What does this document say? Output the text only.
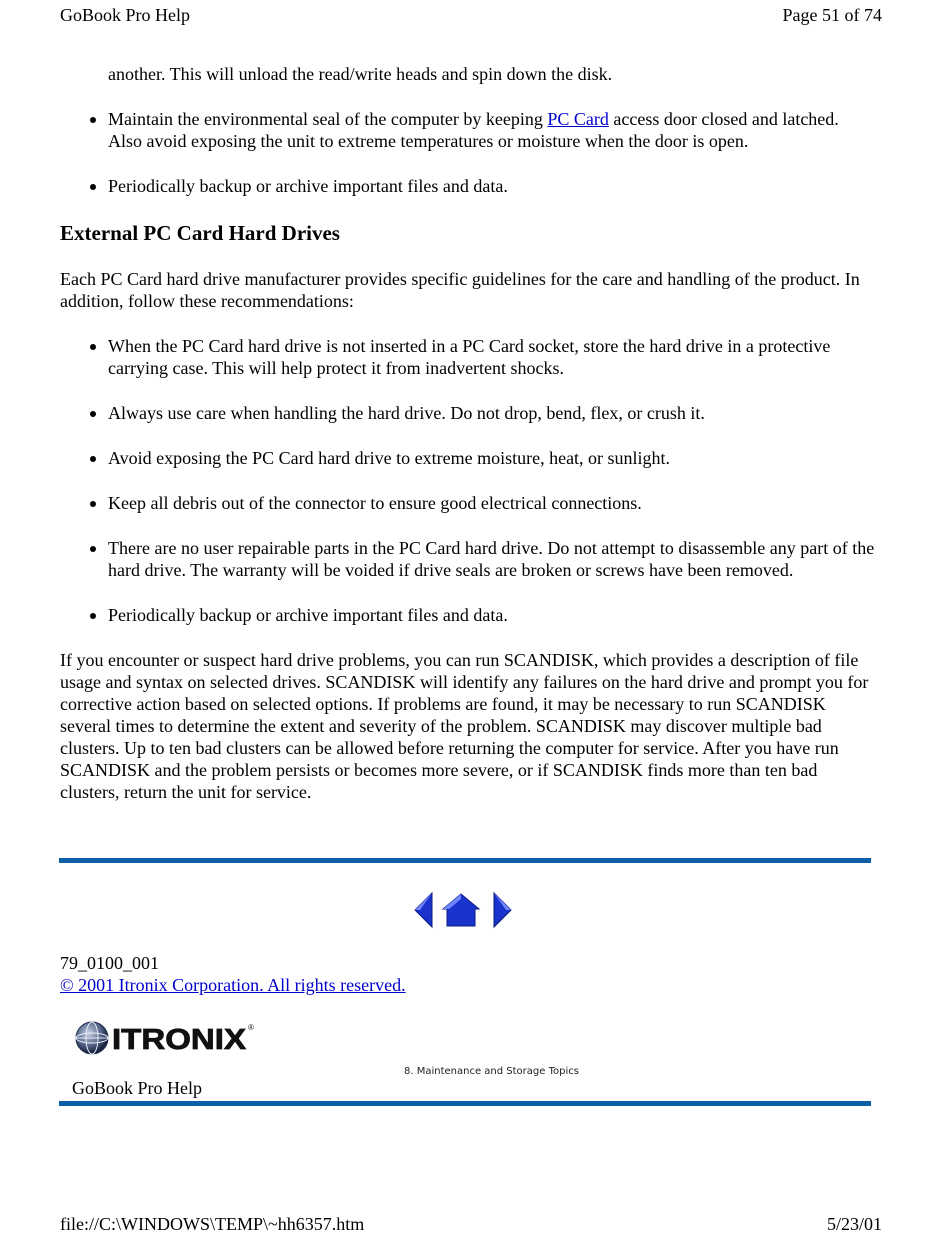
GoBook Pro Help	Page 51 of 74

another. This will unload the read/write heads and spin down the disk.

Maintain the environmental seal of the computer by keeping PC Card access door closed and latched. Also avoid exposing the unit to extreme temperatures or moisture when the door is open.
Periodically backup or archive important files and data.
External PC Card Hard Drives

Each PC Card hard drive manufacturer provides specific guidelines for the care and handling of the product. In addition, follow these recommendations:

When the PC Card hard drive is not inserted in a PC Card socket, store the hard drive in a protective carrying case. This will help protect it from inadvertent shocks.
Always use care when handling the hard drive. Do not drop, bend, flex, or crush it.
Avoid exposing the PC Card hard drive to extreme moisture, heat, or sunlight.
Keep all debris out of the connector to ensure good electrical connections.
There are no user repairable parts in the PC Card hard drive. Do not attempt to disassemble any part of the hard drive. The warranty will be voided if drive seals are broken or screws have been removed.
Periodically backup or archive important files and data.

If you encounter or suspect hard drive problems, you can run SCANDISK, which provides a description of file usage and syntax on selected drives. SCANDISK will identify any failures on the hard drive and prompt you for corrective action based on selected options. If problems are found, it may be necessary to run SCANDISK several times to determine the extent and severity of the problem. SCANDISK may discover multiple bad clusters. Up to ten bad clusters can be allowed before returning the computer for service. After you have run SCANDISK and the problem persists or becomes more severe, or if SCANDISK finds more than ten bad clusters, return the unit for service.

79_0100_001
© 2001 Itronix Corporation. All rights reserved.
ITRONIX ®
8. Maintenance and Storage Topics
GoBook Pro Help
file://C:\WINDOWS\TEMP\~hh6357.htm	5/23/01
